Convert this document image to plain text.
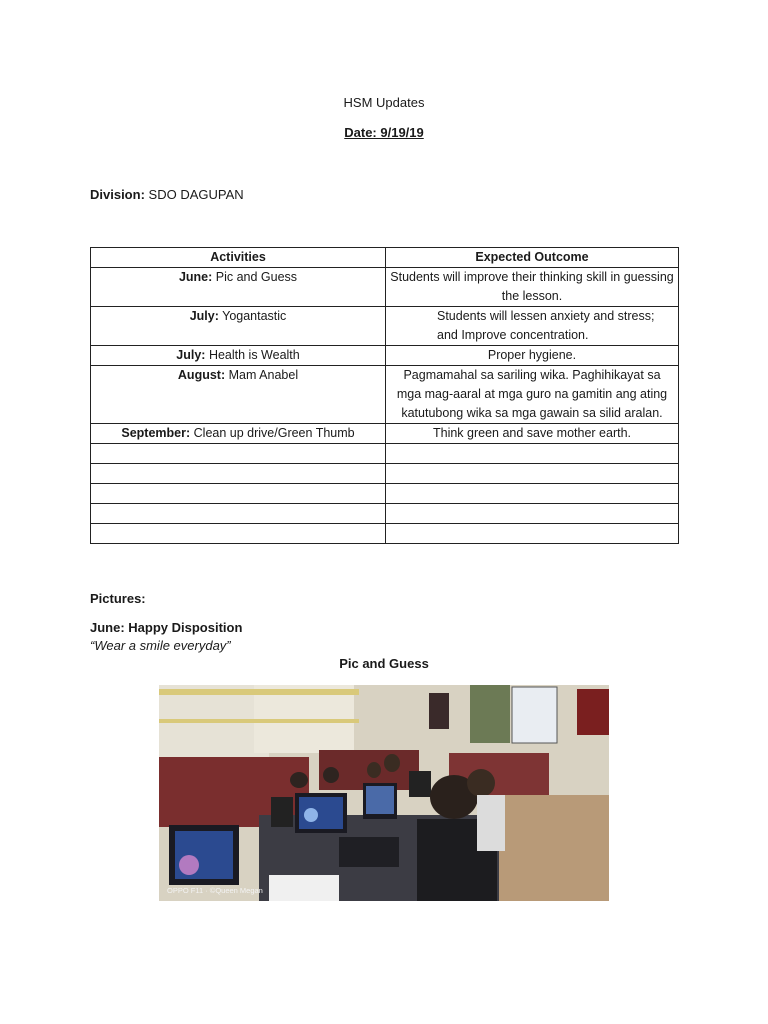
HSM Updates
Date: 9/19/19
Division: SDO DAGUPAN
Activities	Expected Outcome
June: Pic and Guess	Students will improve their thinking skill in guessing the lesson.
July: Yogantastic	Students will lessen anxiety and stress;
and Improve concentration.
July: Health is Wealth	Proper hygiene.
August: Mam Anabel	Pagmamahal sa sariling wika. Paghihikayat sa mga mag-aaral at mga guro na gamitin ang ating katutubong wika sa mga gawain sa silid aralan.
September: Clean up drive/Green Thumb	Think green and save mother earth.

Pictures:
June: Happy Disposition
“Wear a smile everyday”
Pic and Guess
OPPO F11 · ©Queen Megan
